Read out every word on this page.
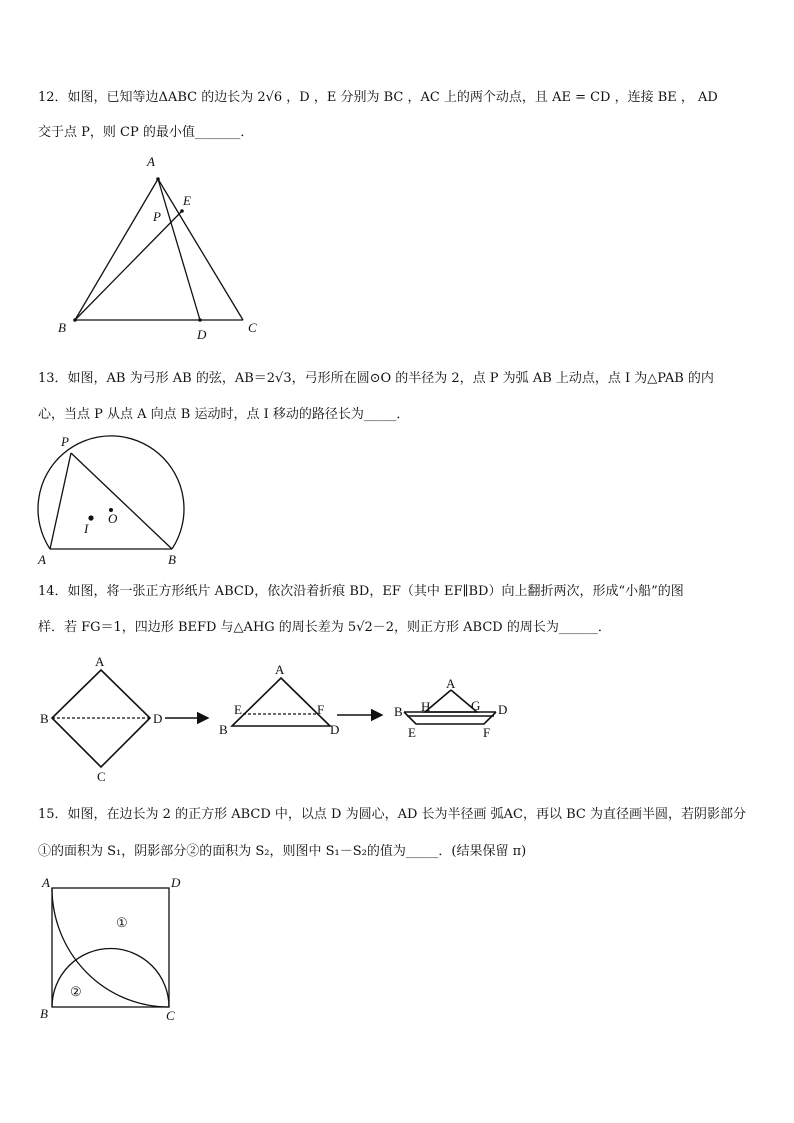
12．如图，已知等边ΔABC 的边长为 2√6 ，D ，E 分别为 BC ，AC 上的两个动点，且 AE = CD ，连接 BE ， AD
交于点 P，则 CP 的最小值_______．
A
E
P
B	D	C
13．如图，AB 为弓形 AB 的弦，AB＝2√3，弓形所在圆⊙O 的半径为 2，点 P 为弧 AB 上动点，点 I 为△PAB 的内
心，当点 P 从点 A 向点 B 运动时，点 I 移动的路径长为_____．
P
I
O
A	B
14．如图，将一张正方形纸片 ABCD，依次沿着折痕 BD，EF（其中 EF∥BD）向上翻折两次，形成“小船”的图
样．若 FG＝1，四边形 BEFD 与△AHG 的周长差为 5√2－2，则正方形 ABCD 的周长为______．
A
B	D
C
A
E	F
B	D
A
B H	G D
E	F
15．如图，在边长为 2 的正方形 ABCD 中，以点 D 为圆心，AD 长为半径画 弧AC，再以 BC 为直径画半圆，若阴影部分
①的面积为 S₁，阴影部分②的面积为 S₂，则图中 S₁－S₂的值为_____．(结果保留 π)
A	D
B	C
①
②
